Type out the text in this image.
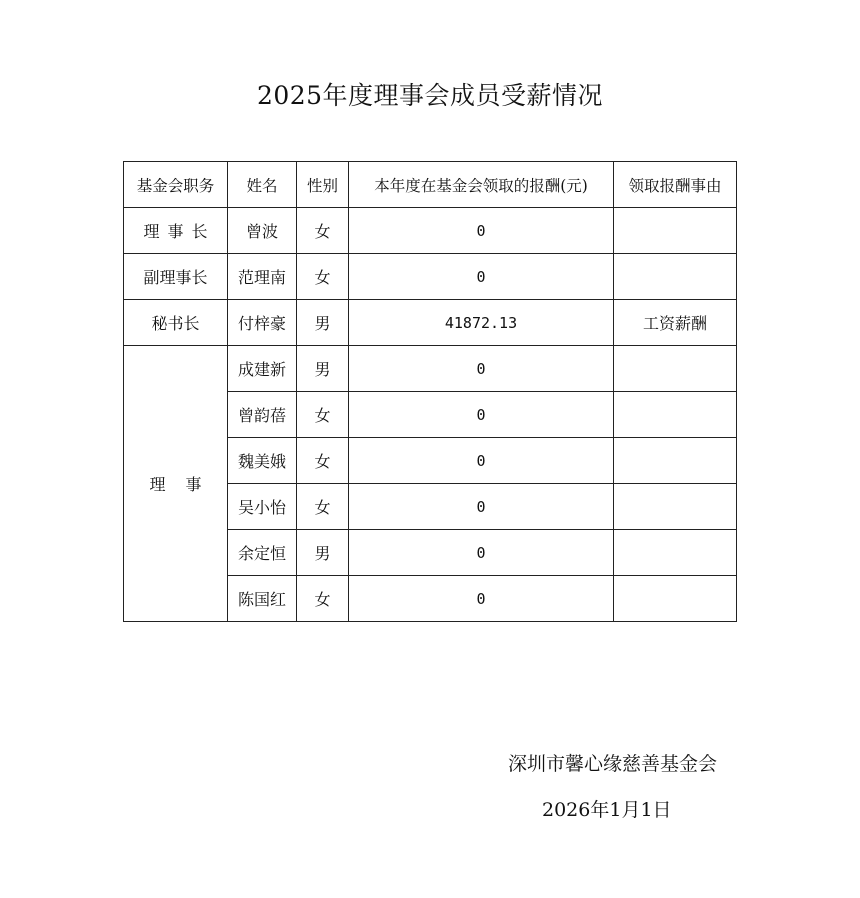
2025年度理事会成员受薪情况
基金会职务	姓名	性别	本年度在基金会领取的报酬(元)	领取报酬事由
理事长	曾波	女	0	
副理事长	范理南	女	0	
秘书长	付梓豪	男	41872.13	工资薪酬
理事	成建新	男	0	
	曾韵蓓	女	0	
	魏美娥	女	0	
	吴小怡	女	0	
	余定恒	男	0	
	陈国红	女	0	
深圳市馨心缘慈善基金会
2026年1月1日
